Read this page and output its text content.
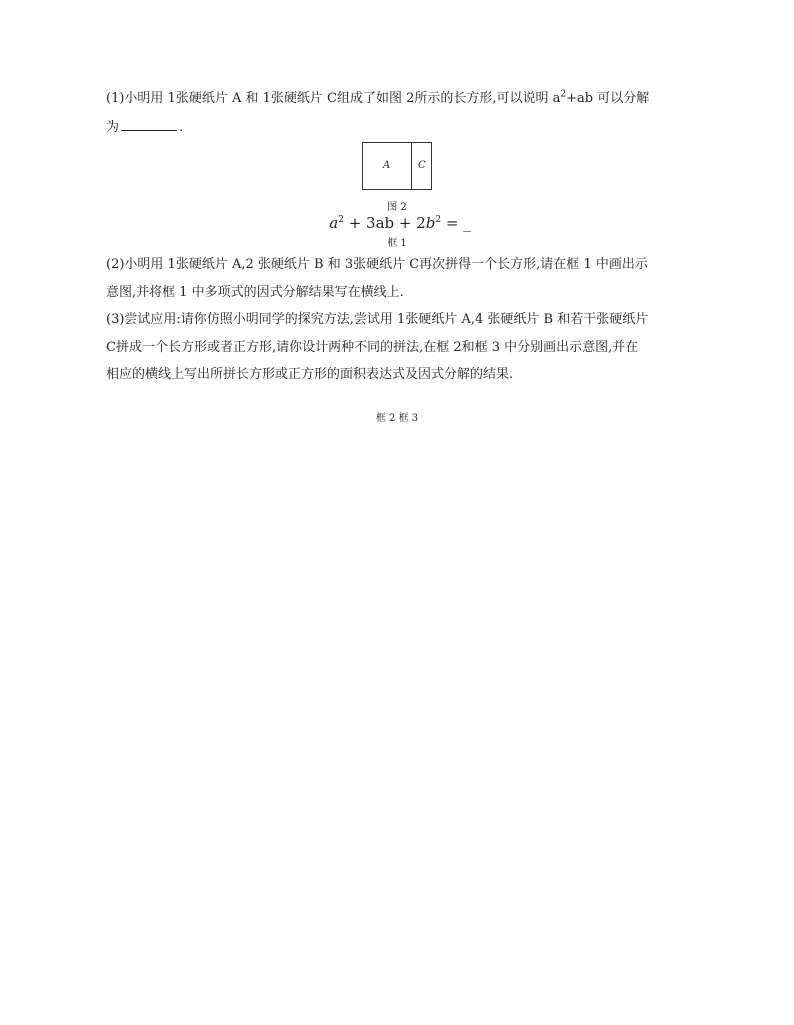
(1)小明用 1张硬纸片 A 和 1张硬纸片 C组成了如图 2所示的长方形,可以说明 $a^2+ab$ 可以分解
为	.
A	C
图 2
$a^2 + 3ab + 2b^2$ = _
框 1
(2)小明用 1张硬纸片 A,2 张硬纸片 B 和 3张硬纸片 C再次拼得一个长方形,请在框 1 中画出示
意图,并将框 1 中多项式的因式分解结果写在横线上.
(3)尝试应用:请你仿照小明同学的探究方法,尝试用 1张硬纸片 A,4 张硬纸片 B 和若干张硬纸片
C拼成一个长方形或者正方形,请你设计两种不同的拼法,在框 2和框 3 中分别画出示意图,并在
相应的横线上写出所拼长方形或正方形的面积表达式及因式分解的结果.
框 2 框 3
